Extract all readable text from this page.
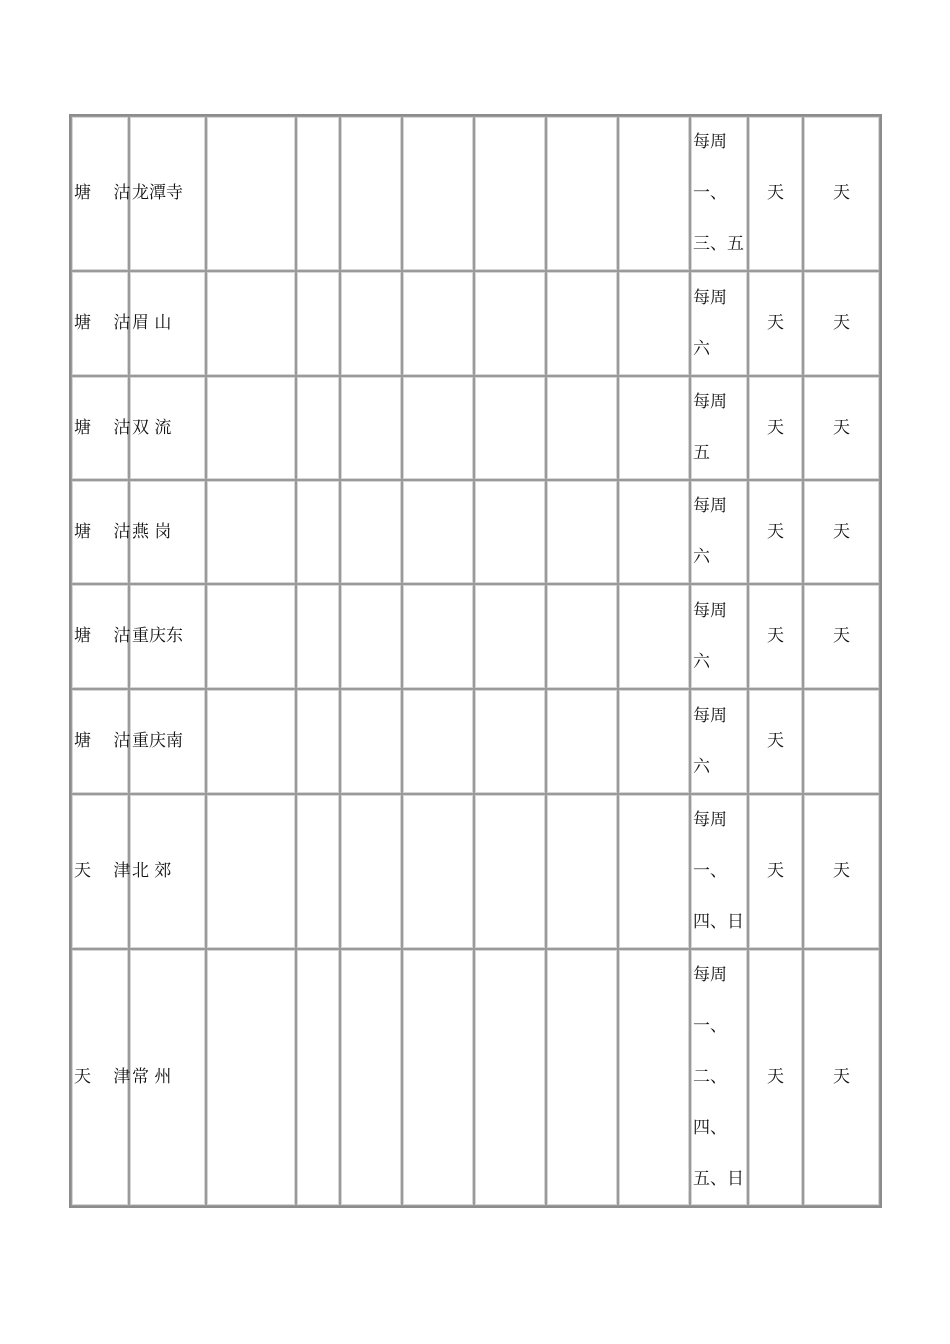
塘 沽	龙潭寺								每周
一、
三、五	天	天
塘 沽	眉 山								每周
六	天	天
塘 沽	双 流								每周
五	天	天
塘 沽	燕 岗								每周
六	天	天
塘 沽	重庆东								每周
六	天	天
塘 沽	重庆南								每周
六	天	
天 津	北 郊								每周
一、
四、日	天	天
天 津	常 州								每周
一、
二、
四、
五、日	天	天
